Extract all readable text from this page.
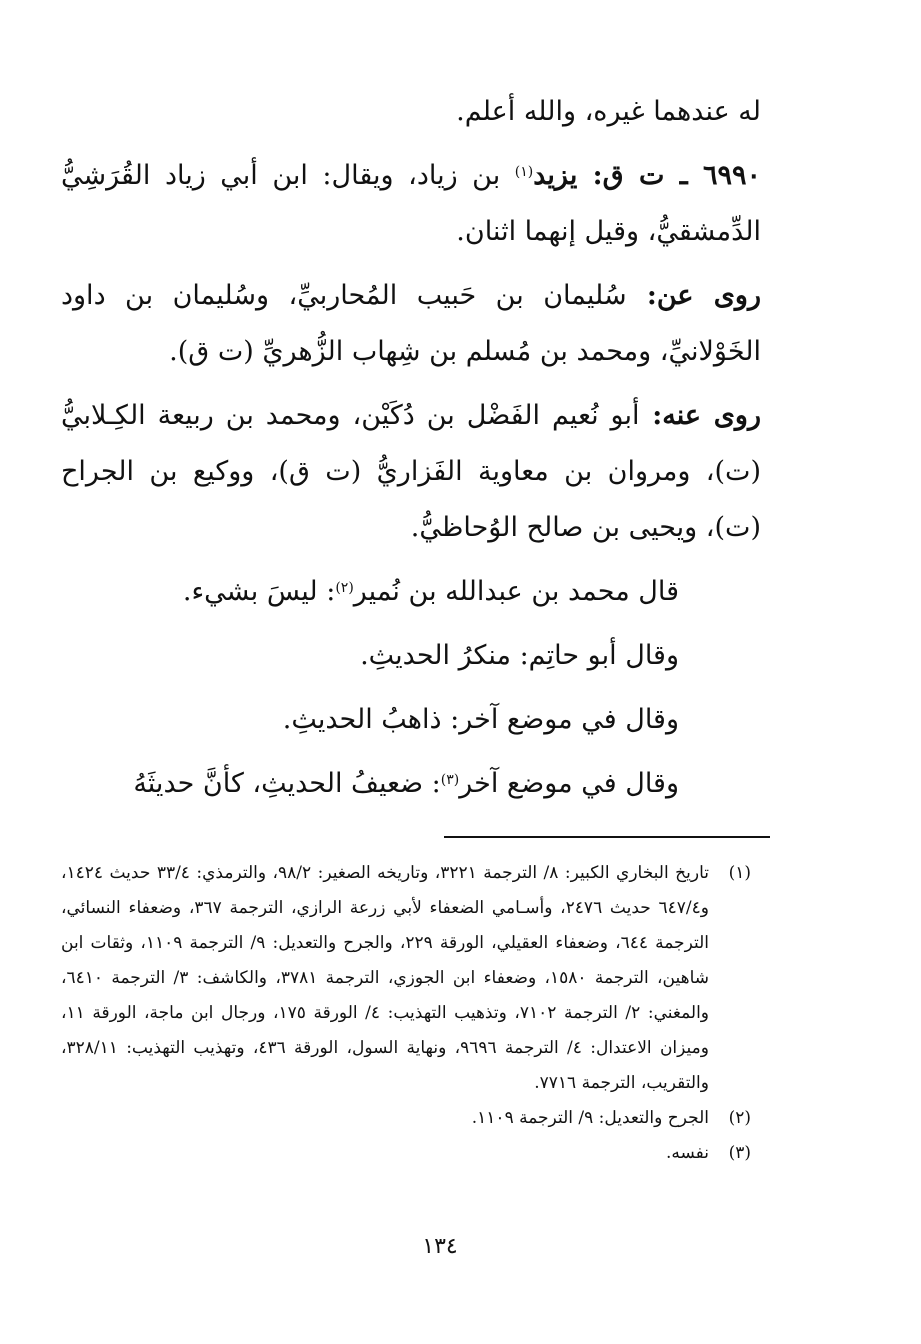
له عندهما غيره، والله أعلم.

٦٩٩٠ ـ ت ق: يزيد$^{(١)}$ بن زياد، ويقال: ابن أبي زياد القُرَشِيُّ الدِّمشقيُّ، وقيل إنهما اثنان.

روى عن: سُليمان بن حَبيب المُحاربيِّ، وسُليمان بن داود الخَوْلانيِّ، ومحمد بن مُسلم بن شِهاب الزُّهريِّ (ت ق).

روى عنه: أبو نُعيم الفَضْل بن دُكَيْن، ومحمد بن ربيعة الكِـلابيُّ (ت)، ومروان بن معاوية الفَزاريُّ (ت ق)، ووكيع بن الجراح (ت)، ويحيى بن صالح الوُحاظيُّ.

قال محمد بن عبدالله بن نُمير$^{(٢)}$: ليسَ بشيء.

وقال أبو حاتِم: منكرُ الحديثِ.

وقال في موضع آخر: ذاهبُ الحديثِ.

وقال في موضع آخر$^{(٣)}$: ضعيفُ الحديثِ، كأنَّ حديثَهُ

(١)
تاريخ البخاري الكبير: ٨/ الترجمة ٣٢٢١، وتاريخه الصغير: ٩٨/٢، والترمذي: ٣٣/٤ حديث ١٤٢٤، و٦٤٧/٤ حديث ٢٤٧٦، وأسـامي الضعفاء لأبي زرعة الرازي، الترجمة ٣٦٧، وضعفاء النسائي، الترجمة ٦٤٤، وضعفاء العقيلي، الورقة ٢٢٩، والجرح والتعديل: ٩/ الترجمة ١١٠٩، وثقات ابن شاهين، الترجمة ١٥٨٠، وضعفاء ابن الجوزي، الترجمة ٣٧٨١، والكاشف: ٣/ الترجمة ٦٤١٠، والمغني: ٢/ الترجمة ٧١٠٢، وتذهيب التهذيب: ٤/ الورقة ١٧٥، ورجال ابن ماجة، الورقة ١١، وميزان الاعتدال: ٤/ الترجمة ٩٦٩٦، ونهاية السول، الورقة ٤٣٦، وتهذيب التهذيب: ٣٢٨/١١، والتقريب، الترجمة ٧٧١٦.
(٢)
الجرح والتعديل: ٩/ الترجمة ١١٠٩.
(٣)
نفسه.
١٣٤
